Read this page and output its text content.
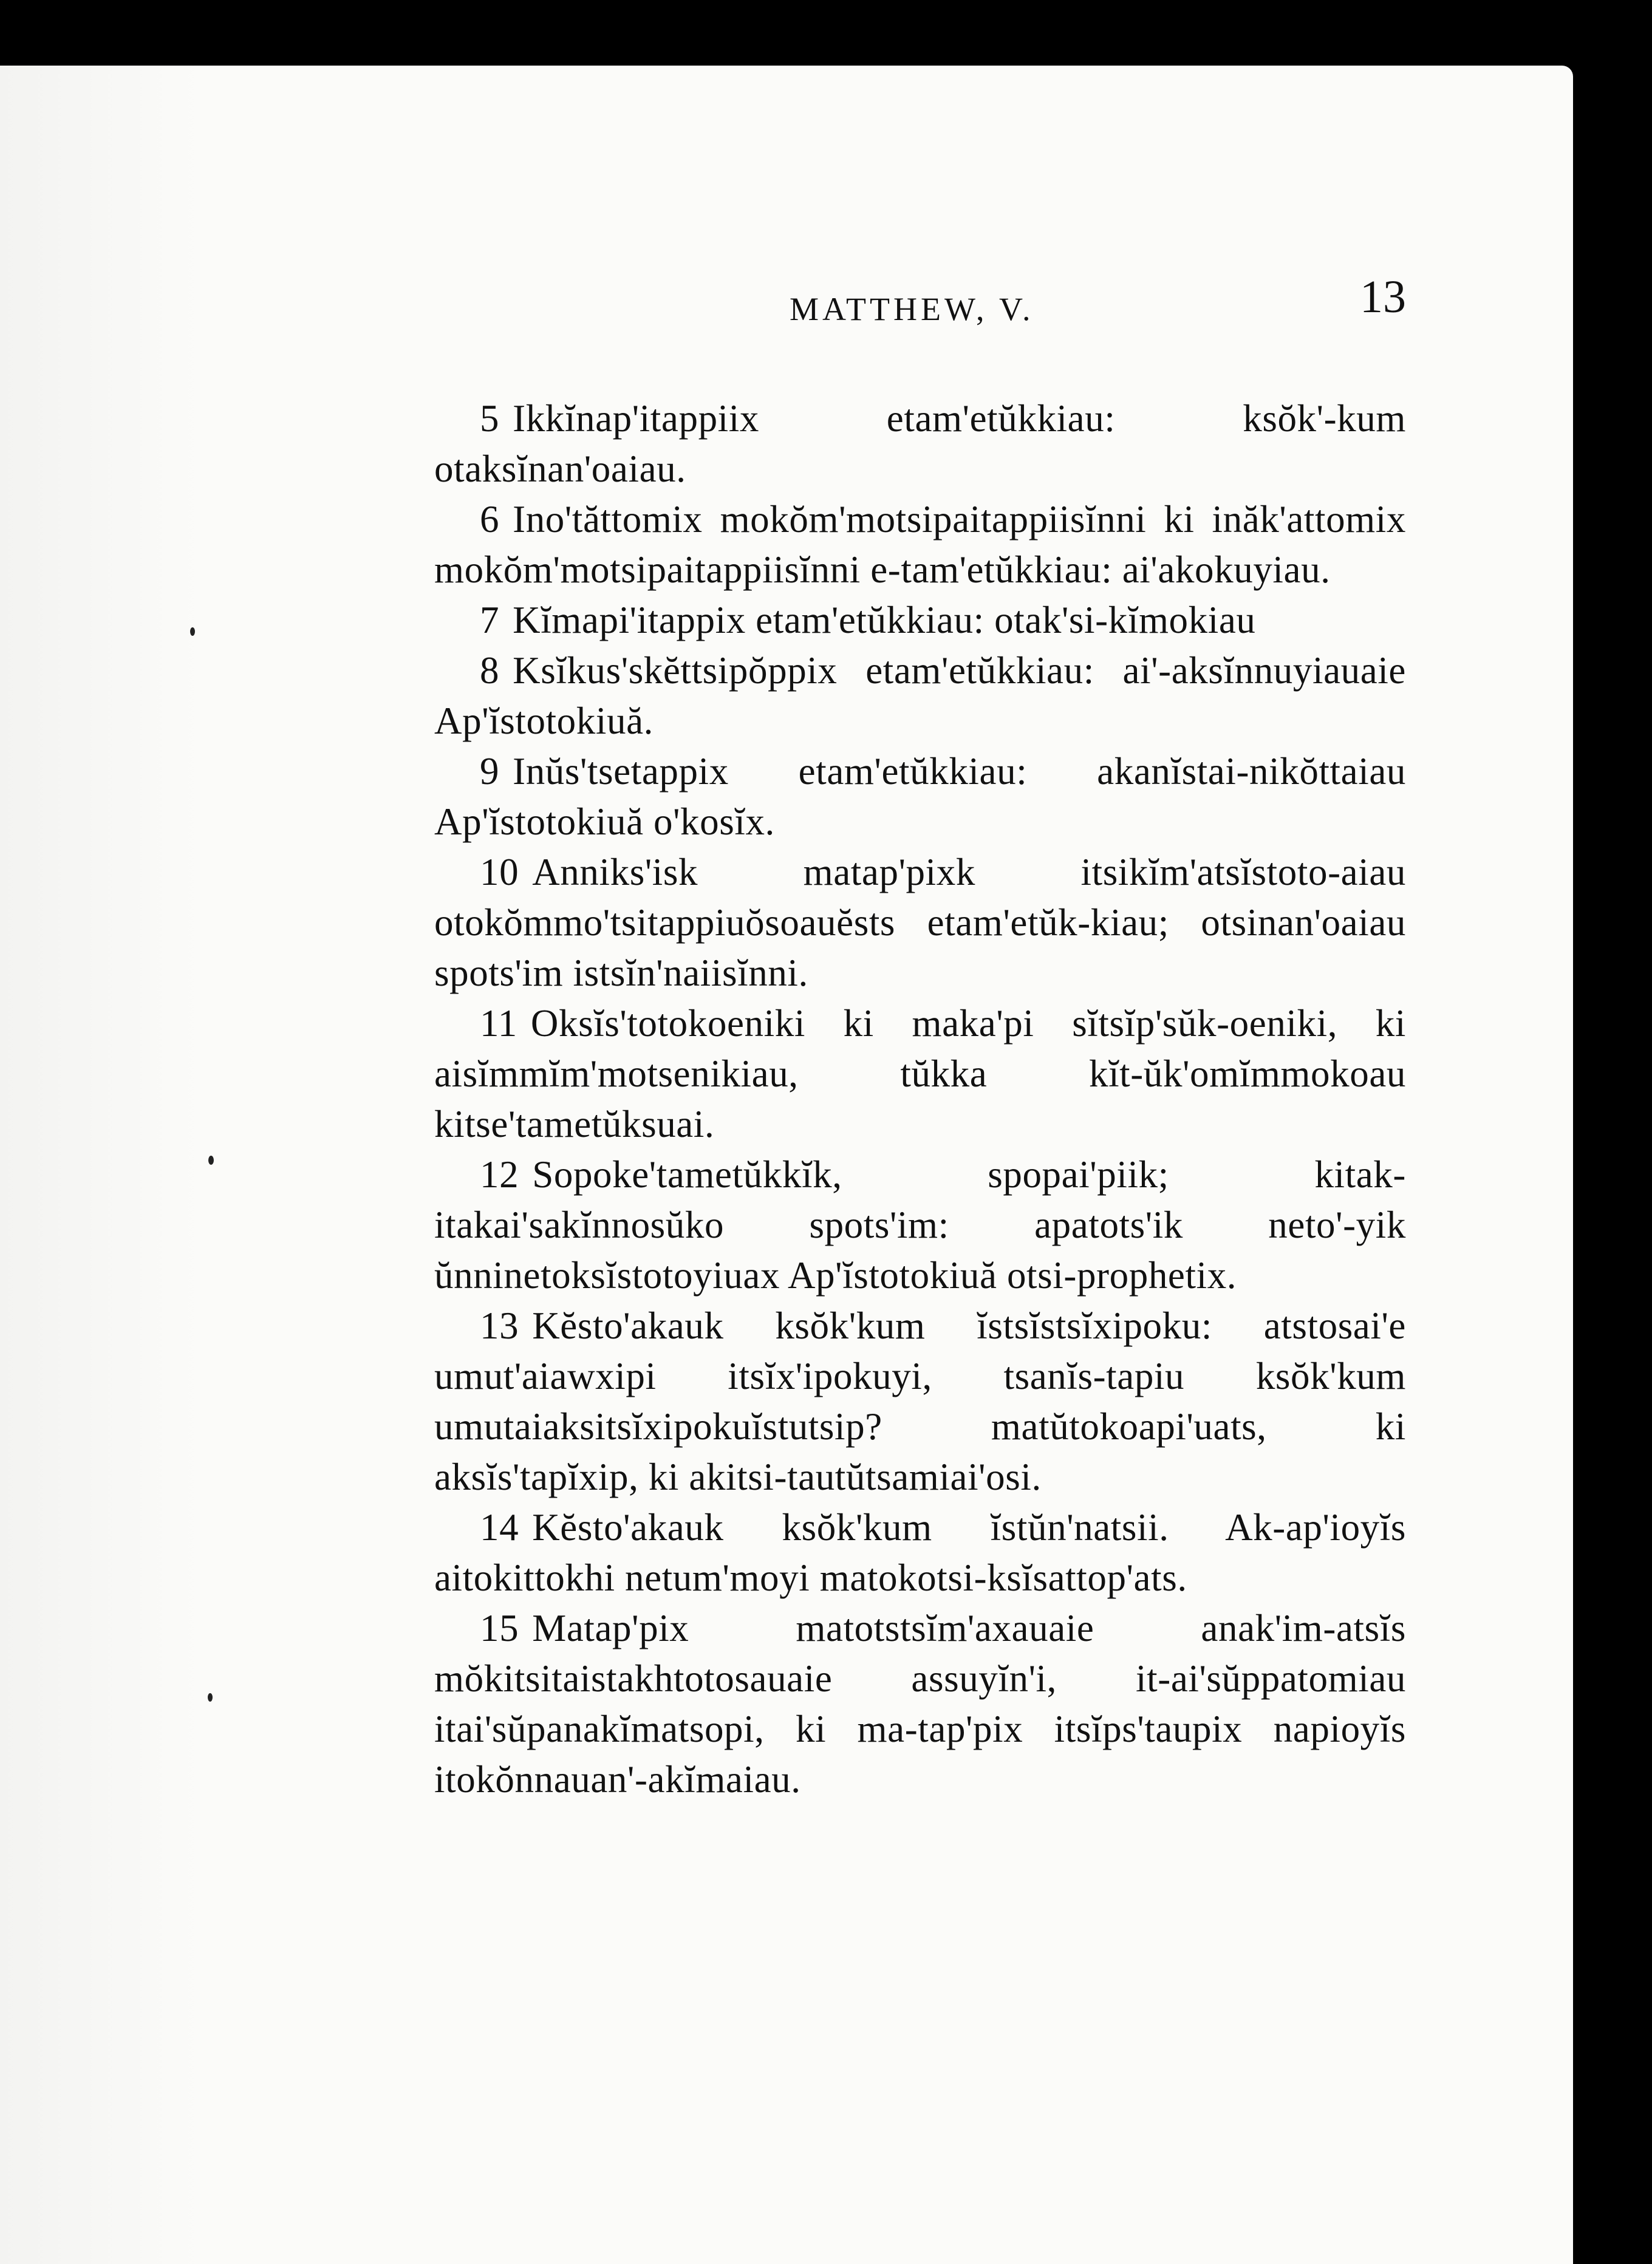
MATTHEW, V.	13

5 Ikkĭnap'itappiix etam'etŭkkiau: ksŏk'-kum otaksĭnan'oaiau.

6 Ino'tăttomix mokŏm'motsipaitappiisĭnni ki inăk'attomix mokŏm'motsipaitappiisĭnni e-tam'etŭkkiau: ai'akokuyiau.

7 Kĭmapi'itappix etam'etŭkkiau: otak'si-kĭmokiau

8 Ksĭkus'skĕttsipŏppix etam'etŭkkiau: ai'-aksĭnnuyiauaie Ap'ĭstotokiuă.

9 Inŭs'tsetappix etam'etŭkkiau: akanĭstai-nikŏttaiau Ap'ĭstotokiuă o'kosĭx.

10 Anniks'isk matap'pixk itsikĭm'atsĭstoto-aiau otokŏmmo'tsitappiuŏsoauĕsts etam'etŭk-kiau; otsinan'oaiau spots'im istsĭn'naiisĭnni.

11 Oksĭs'totokoeniki ki maka'pi sĭtsĭp'sŭk-oeniki, ki aisĭmmĭm'motsenikiau, tŭkka kĭt-ŭk'omĭmmokoau kitse'tametŭksuai.

12 Sopoke'tametŭkkĭk, spopai'piik; kitak-itakai'sakĭnnosŭko spots'im: apatots'ik neto'-yik ŭnninetoksĭstotoyiuax Ap'ĭstotokiuă otsi-prophetix.

13 Kĕsto'akauk ksŏk'kum ĭstsĭstsĭxipoku: atstosai'e umut'aiawxipi itsĭx'ipokuyi, tsanĭs-tapiu ksŏk'kum umutaiaksitsĭxipokuĭstutsip? matŭtokoapi'uats, ki aksĭs'tapĭxip, ki akitsi-tautŭtsamiai'osi.

14 Kĕsto'akauk ksŏk'kum ĭstŭn'natsii. Ak-ap'ioyĭs aitokittokhi netum'moyi matokotsi-ksĭsattop'ats.

15 Matap'pix matotstsĭm'axauaie anak'im-atsĭs mŏkitsitaistakhtotosauaie assuyĭn'i, it-ai'sŭppatomiau itai'sŭpanakĭmatsopi, ki ma-tap'pix itsĭps'taupix napioyĭs itokŏnnauan'-akĭmaiau.
